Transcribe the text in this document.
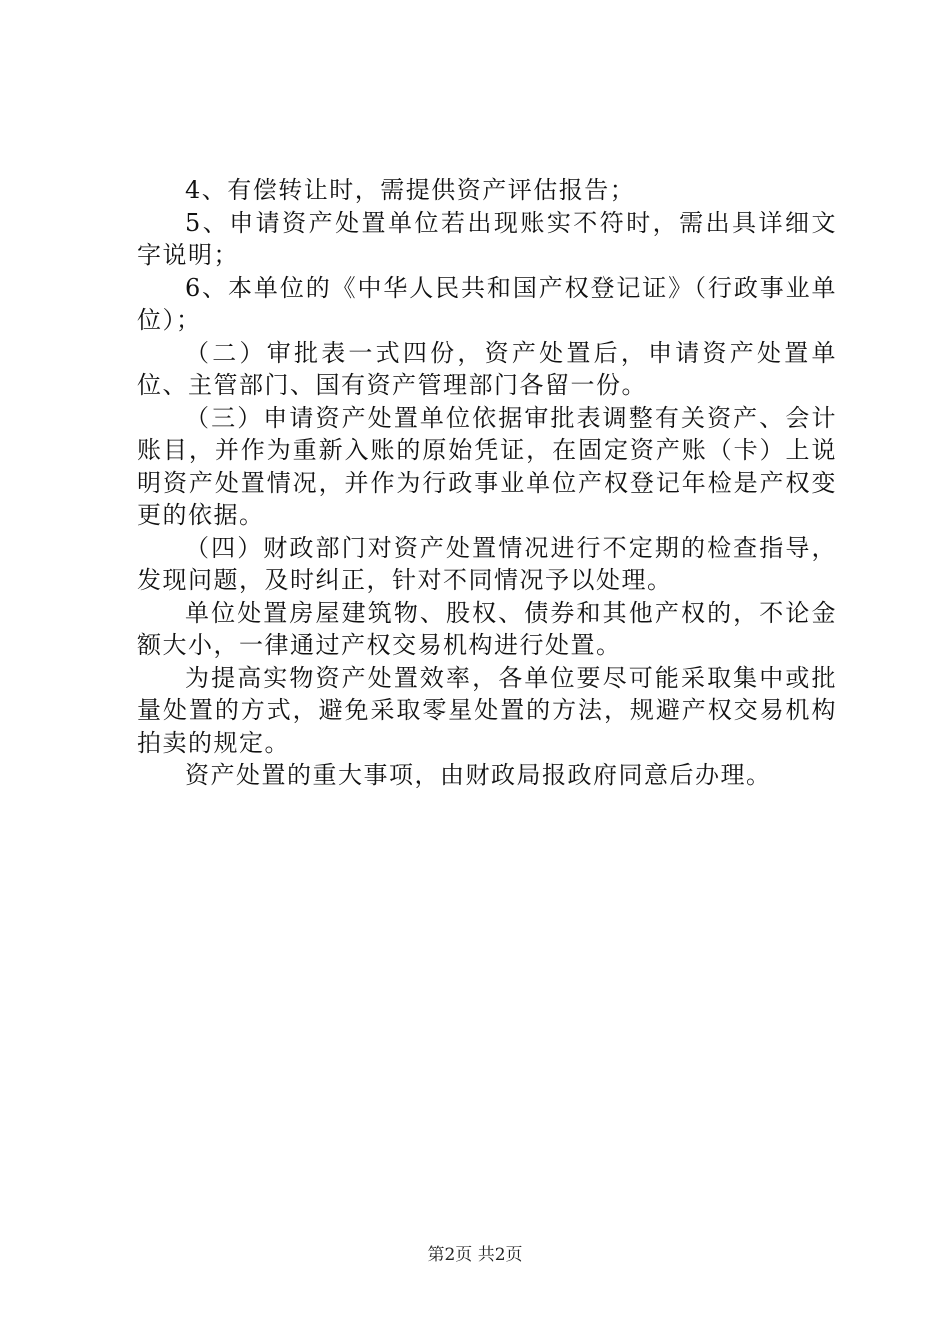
4、有偿转让时，需提供资产评估报告；

5、申请资产处置单位若出现账实不符时，需出具详细文字说明；

6、本单位的《中华人民共和国产权登记证》（行政事业单位）；

（二）审批表一式四份，资产处置后，申请资产处置单位、主管部门、国有资产管理部门各留一份。

（三）申请资产处置单位依据审批表调整有关资产、会计账目，并作为重新入账的原始凭证，在固定资产账（卡）上说明资产处置情况，并作为行政事业单位产权登记年检是产权变更的依据。

（四）财政部门对资产处置情况进行不定期的检查指导，发现问题，及时纠正，针对不同情况予以处理。

单位处置房屋建筑物、股权、债券和其他产权的，不论金额大小，一律通过产权交易机构进行处置。

为提高实物资产处置效率，各单位要尽可能采取集中或批量处置的方式，避免采取零星处置的方法，规避产权交易机构拍卖的规定。

资产处置的重大事项，由财政局报政府同意后办理。

第2页 共2页
